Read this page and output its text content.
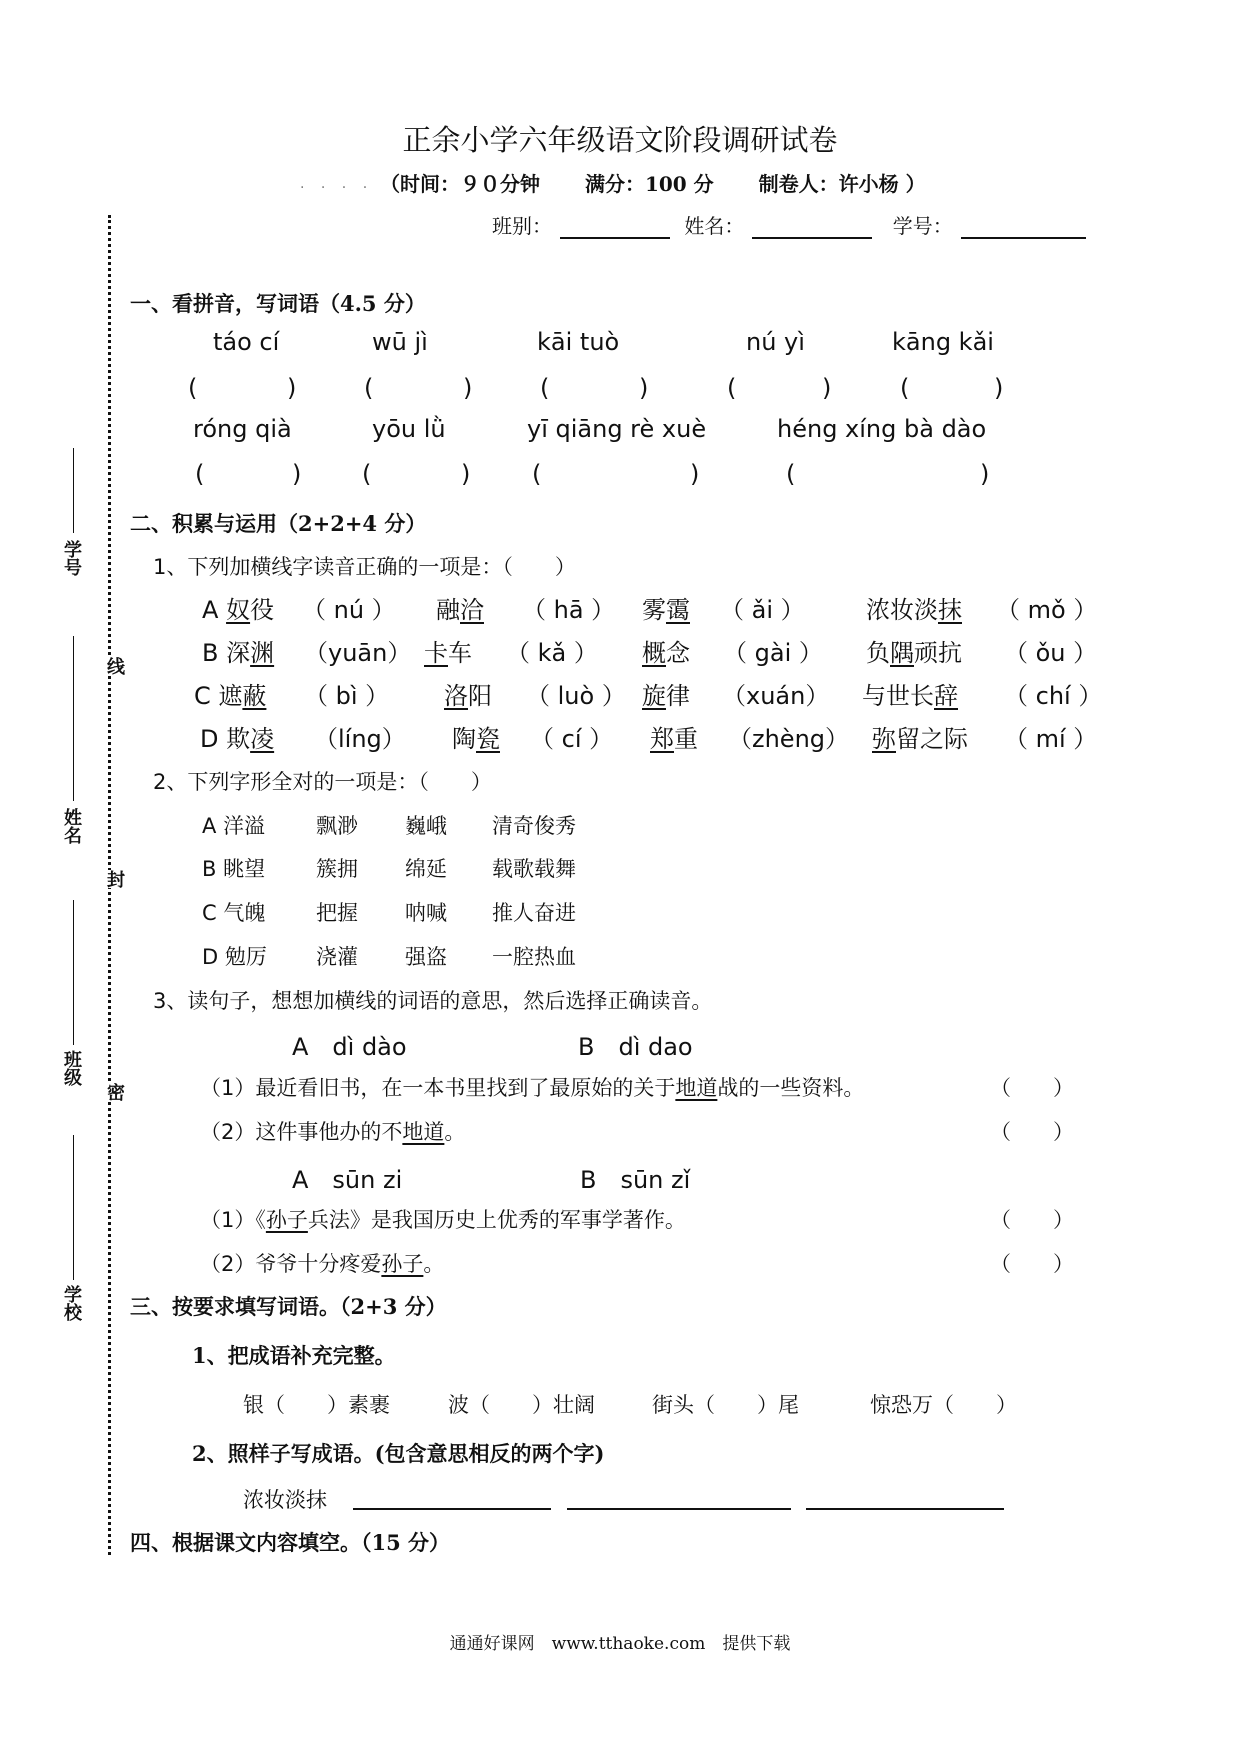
正余小学六年级语文阶段调研试卷
. . . . （时间：９０分钟 满分：100 分 制卷人：许小杨 ）
班别：	姓名：	学号：
学号
姓名
班级
学校
线
封
密
一、看拼音，写词语（4.5 分）
táo cí	wū jì	kāi tuò	nú yì	kāng kǎi
(	)	(	)	(	)	(	)	(	)
róng qià	yōu lǜ	yī qiāng rè xuè	héng xíng bà dào
(	)	(	)	(	)	(	)
二、积累与运用（2+2+4 分）
1、下列加横线字读音正确的一项是：（　　）
A 奴役 （ nú ） 融洽 （ hā ） 雾霭 （ ǎi ）	浓妆淡抹 （ mǒ ）
B 深渊 （yuān） 卡车 （ kǎ ） 概念 （ gài ） 负隅顽抗 （ ǒu ）
C 遮蔽 （ bì ） 洛阳 （ luò ） 旋律 （xuán） 与世长辞 （ chí ）
D 欺凌 （líng） 陶瓷 （ cí ） 郑重 （zhèng） 弥留之际 （ mí ）
2、下列字形全对的一项是：（　　）
A 洋溢 飘渺 巍峨 清奇俊秀
B 眺望 簇拥 绵延 载歌载舞
C 气魄 把握 呐喊 推人奋进
D 勉厉 浇灌 强盗 一腔热血
3、读句子，想想加横线的词语的意思，然后选择正确读音。
A　dì dào	B　dì dao
（1）最近看旧书，在一本书里找到了最原始的关于地道战的一些资料。	（　　）
（2）这件事他办的不地道。	（　　）
A　sūn zi	B　sūn zǐ
（1）《孙子兵法》是我国历史上优秀的军事学著作。	（　　）
（2）爷爷十分疼爱孙子。	（　　）
三、按要求填写词语。（2+3 分）
1、把成语补充完整。
银（　　）素裹	波（　　）壮阔	街头（　　）尾	惊恐万（　　）
2、照样子写成语。(包含意思相反的两个字)
浓妆淡抹
四、根据课文内容填空。（15 分）
通通好课网　www.tthaoke.com　提供下载
